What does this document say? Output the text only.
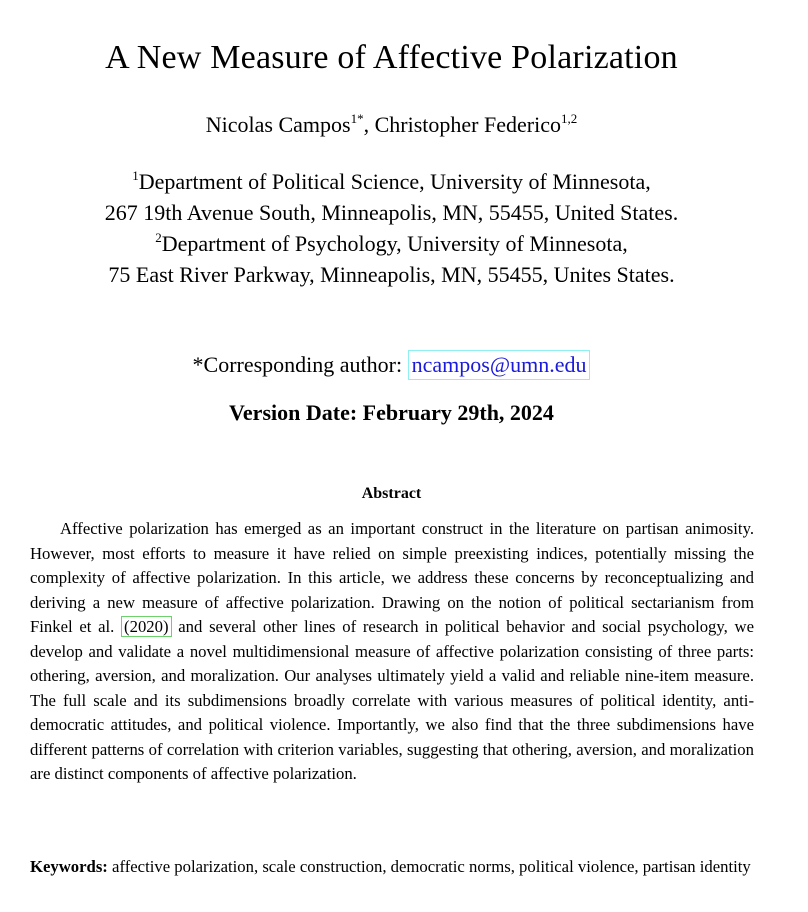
A New Measure of Affective Polarization
Nicolas Campos$^{1*}$, Christopher Federico$^{1,2}$
$^1$Department of Political Science, University of Minnesota,
267 19th Avenue South, Minneapolis, MN, 55455, United States.
$^2$Department of Psychology, University of Minnesota,
75 East River Parkway, Minneapolis, MN, 55455, Unites States.
*Corresponding author: ncampos@umn.edu
Version Date: February 29th, 2024
Abstract
Affective polarization has emerged as an important construct in the literature on partisan animosity. However, most efforts to measure it have relied on simple preexisting indices, potentially missing the complexity of affective polarization. In this article, we address these concerns by reconceptualizing and deriving a new measure of affective polarization. Drawing on the notion of political sectarianism from Finkel et al. (2020) and several other lines of research in political behavior and social psychology, we develop and validate a novel multidimensional measure of affective polarization consisting of three parts: othering, aversion, and moralization. Our analyses ultimately yield a valid and reliable nine-item measure. The full scale and its subdimensions broadly correlate with various measures of political identity, anti-democratic attitudes, and political violence. Importantly, we also find that the three subdimensions have different patterns of correlation with criterion variables, suggesting that othering, aversion, and moralization are distinct components of affective polarization.
Keywords: affective polarization, scale construction, democratic norms, political violence, partisan identity
